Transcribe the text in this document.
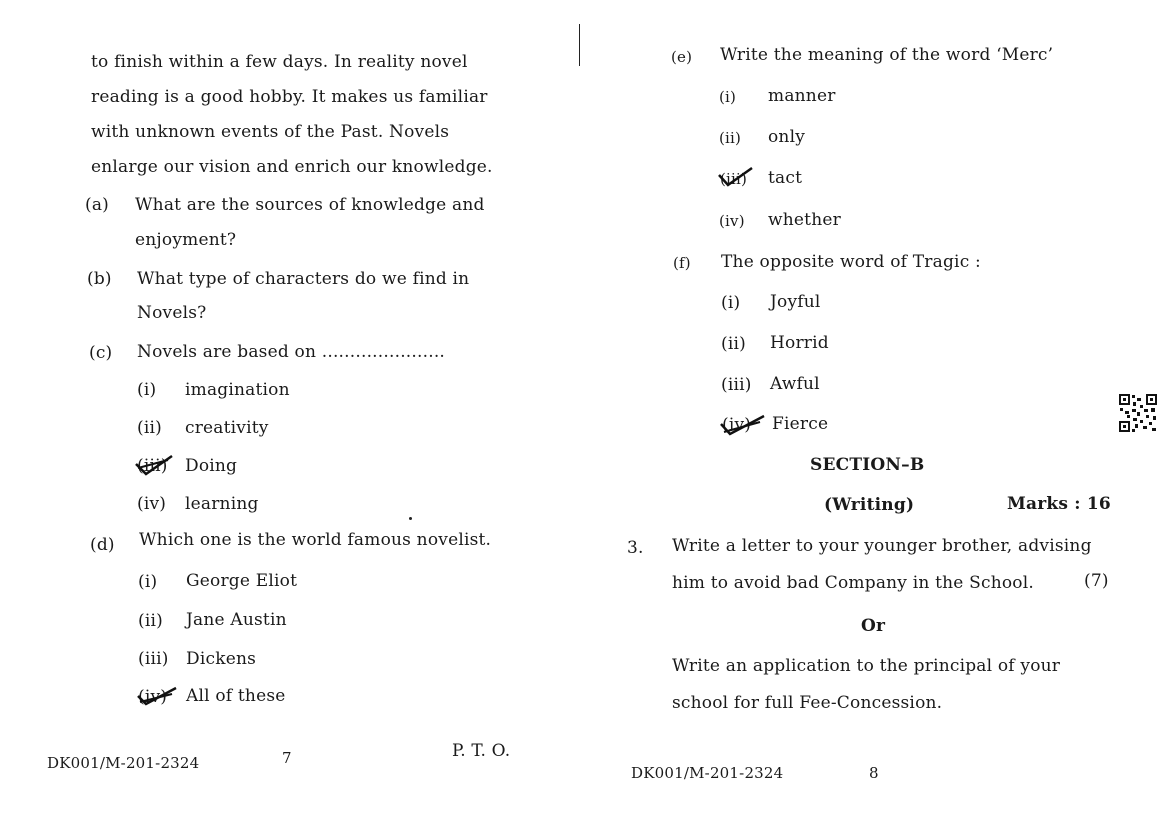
to finish within a few days. In reality novel
reading is a good hobby. It makes us familiar
with unknown events of the Past. Novels
enlarge our vision and enrich our knowledge.
(a) What are the sources of knowledge and
enjoyment?
(b) What type of characters do we find in
Novels?
(c) Novels are based on ......................
(i) imagination
(ii) creativity
(iii) Doing
(iv) learning
(d) Which one is the world famous novelist.
(i) George Eliot
(ii) Jane Austin
(iii) Dickens
(iv) All of these
DK001/M-201-2324	7	P. T. O.
(e) Write the meaning of the word ‘Merc’
(i) manner
(ii) only
(iii) tact
(iv) whether
(f) The opposite word of Tragic :
(i) Joyful
(ii) Horrid
(iii) Awful
(iv) Fierce
SECTION–B
(Writing)	Marks : 16
3. Write a letter to your younger brother, advising
him to avoid bad Company in the School.	(7)
Or
Write an application to the principal of your
school for full Fee-Concession.
DK001/M-201-2324	8
